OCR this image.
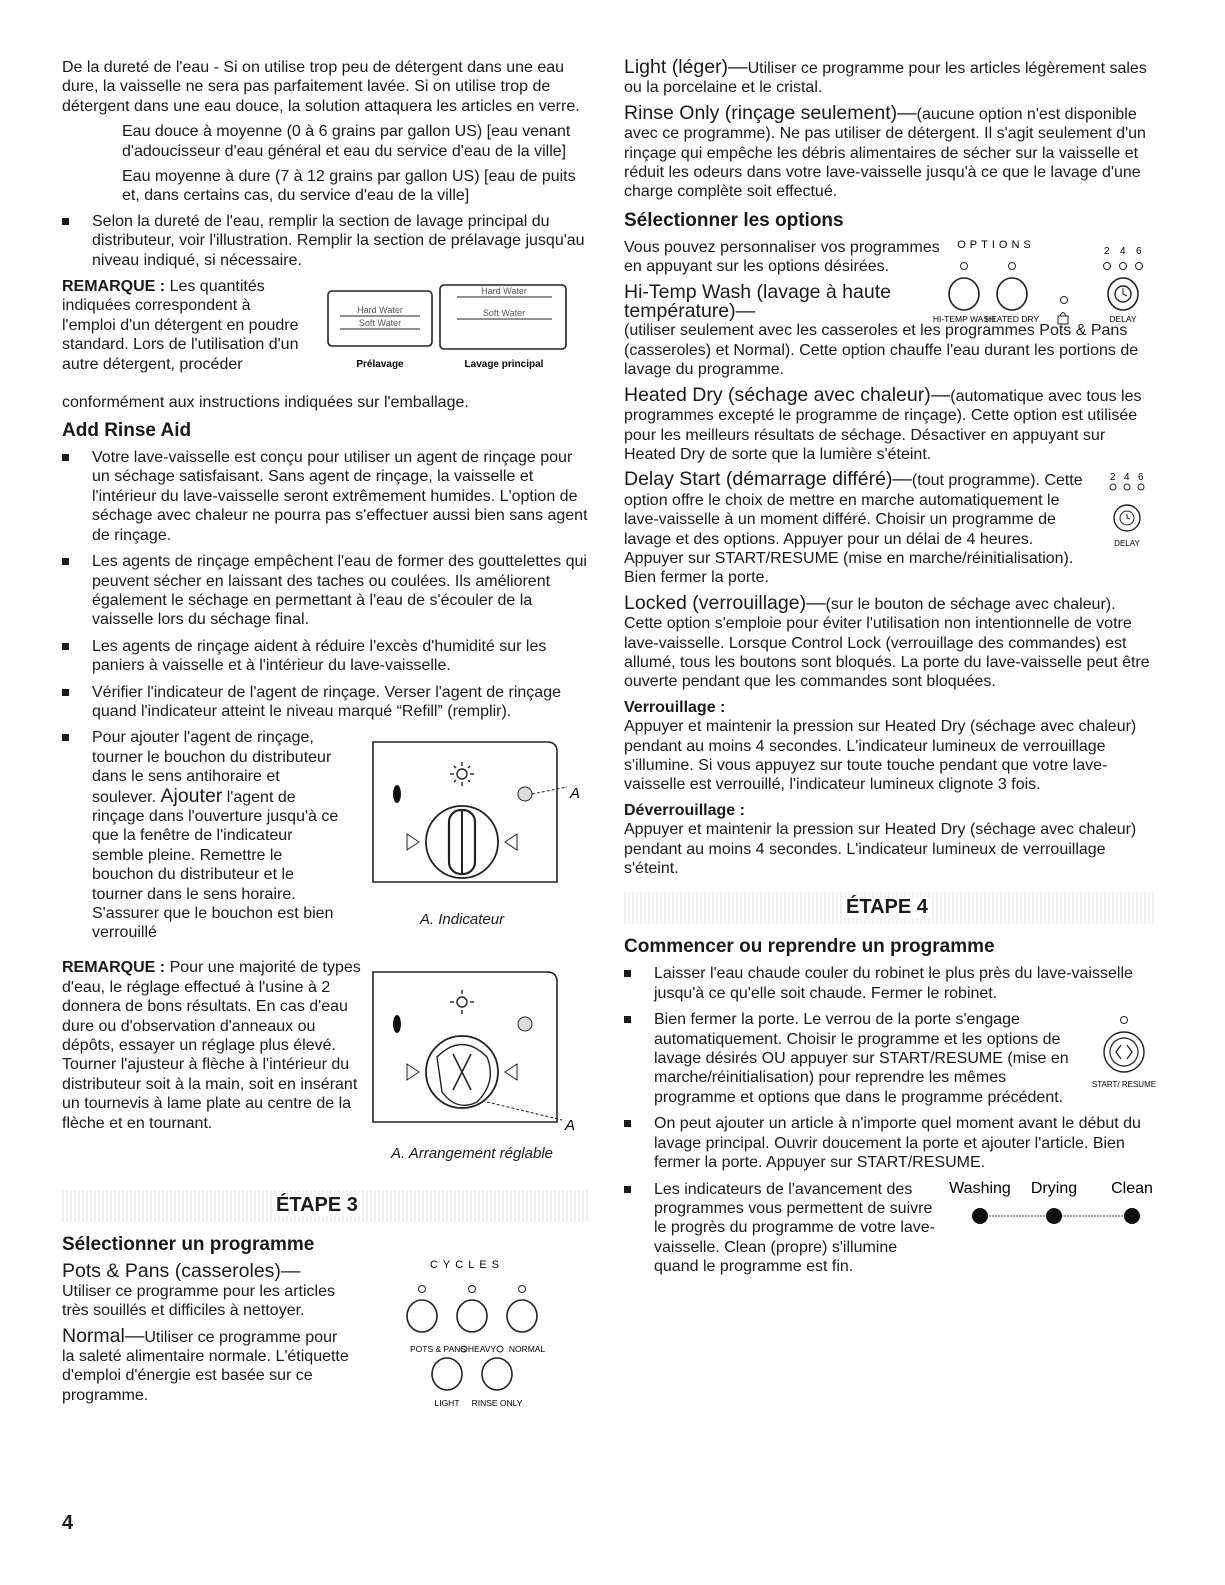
De la dureté de l'eau - Si on utilise trop peu de détergent dans une eau dure, la vaisselle ne sera pas parfaitement lavée. Si on utilise trop de détergent dans une eau douce, la solution attaquera les articles en verre.

Eau douce à moyenne (0 à 6 grains par gallon US) [eau venant d'adoucisseur d'eau général et eau du service d'eau de la ville]

Eau moyenne à dure (7 à 12 grains par gallon US) [eau de puits et, dans certains cas, du service d'eau de la ville]

Selon la dureté de l'eau, remplir la section de lavage principal du distributeur, voir l'illustration. Remplir la section de prélavage jusqu'au niveau indiqué, si nécessaire.

REMARQUE : Les quantités indiquées correspondent à l'emploi d'un détergent en poudre standard. Lors de l'utilisation d'un autre détergent, procéder
Hard Water
Soft Water
Hard Water
Soft Water
Prélavage	Lavage principal
conformément aux instructions indiquées sur l'emballage.
Add Rinse Aid

Votre lave-vaisselle est conçu pour utiliser un agent de rinçage pour un séchage satisfaisant. Sans agent de rinçage, la vaisselle et l'intérieur du lave-vaisselle seront extrêmement humides. L'option de séchage avec chaleur ne pourra pas s'effectuer aussi bien sans agent de rinçage.

Les agents de rinçage empêchent l'eau de former des gouttelettes qui peuvent sécher en laissant des taches ou coulées. Ils améliorent également le séchage en permettant à l'eau de s'écouler de la vaisselle lors du séchage final.

Les agents de rinçage aident à réduire l'excès d'humidité sur les paniers à vaisselle et à l'intérieur du lave-vaisselle.

Vérifier l'indicateur de l'agent de rinçage. Verser l'agent de rinçage quand l'indicateur atteint le niveau marqué “Refill” (remplir).

Pour ajouter l'agent de rinçage, tourner le bouchon du distributeur dans le sens antihoraire et soulever. Ajouter l'agent de rinçage dans l'ouverture jusqu'à ce que la fenêtre de l'indicateur semble pleine. Remettre le bouchon du distributeur et le tourner dans le sens horaire. S'assurer que le bouchon est bien verrouillé

A
A. Indicateur

REMARQUE : Pour une majorité de types d'eau, le réglage effectué à l'usine à 2 donnera de bons résultats. En cas d'eau dure ou d'observation d'anneaux ou dépôts, essayer un réglage plus élevé. Tourner l'ajusteur à flèche à l'intérieur du distributeur soit à la main, soit en insérant un tournevis à lame plate au centre de la flèche et en tournant.	A
A. Arrangement réglable
ÉTAPE 3
Sélectionner un programme
Pots & Pans (casseroles)—

Utiliser ce programme pour les articles très souillés et difficiles à nettoyer.

Normal—Utiliser ce programme pour la saleté alimentaire normale. L'étiquette d'emploi d'énergie est basée sur ce programme.

CYCLES
POTS & PANS HEAVY NORMAL
LIGHT RINSE ONLY

Light (léger)—Utiliser ce programme pour les articles légèrement sales ou la porcelaine et le cristal.

Rinse Only (rinçage seulement)—(aucune option n'est disponible avec ce programme). Ne pas utiliser de détergent. Il s'agit seulement d'un rinçage qui empêche les débris alimentaires de sécher sur la vaisselle et réduit les odeurs dans votre lave-vaisselle jusqu'à ce que le lavage d'une charge complète soit effectué.

Sélectionner les options

Vous pouvez personnaliser vos programmes en appuyant sur les options désirées.

Hi-Temp Wash (lavage à haute température)—
OPTIONS
2 4 6
HI-TEMP WASH
HEATED DRY	DELAY

(utiliser seulement avec les casseroles et les programmes Pots & Pans (casseroles) et Normal). Cette option chauffe l'eau durant les portions de lavage du programme.

Heated Dry (séchage avec chaleur)—(automatique avec tous les programmes excepté le programme de rinçage). Cette option est utilisée pour les meilleurs résultats de séchage. Désactiver en appuyant sur Heated Dry de sorte que la lumière s'éteint.

Delay Start (démarrage différé)—(tout programme). Cette option offre le choix de mettre en marche automatiquement le lave-vaisselle à un moment différé. Choisir un programme de lavage et des options. Appuyer pour un délai de 4 heures. Appuyer sur START/RESUME (mise en marche/réinitialisation). Bien fermer la porte.

2 4 6
DELAY

Locked (verrouillage)—(sur le bouton de séchage avec chaleur). Cette option s'emploie pour éviter l'utilisation non intentionnelle de votre lave-vaisselle. Lorsque Control Lock (verrouillage des commandes) est allumé, tous les boutons sont bloqués. La porte du lave-vaisselle peut être ouverte pendant que les commandes sont bloquées.

Verrouillage :

Appuyer et maintenir la pression sur Heated Dry (séchage avec chaleur) pendant au moins 4 secondes. L'indicateur lumineux de verrouillage s'illumine. Si vous appuyez sur toute touche pendant que votre lave-vaisselle est verrouillé, l'indicateur lumineux clignote 3 fois.

Déverrouillage :

Appuyer et maintenir la pression sur Heated Dry (séchage avec chaleur) pendant au moins 4 secondes. L'indicateur lumineux de verrouillage s'éteint.

ÉTAPE 4
Commencer ou reprendre un programme

Laisser l'eau chaude couler du robinet le plus près du lave-vaisselle jusqu'à ce qu'elle soit chaude. Fermer le robinet.

Bien fermer la porte. Le verrou de la porte s'engage automatiquement. Choisir le programme et les options de lavage désirés OU appuyer sur START/RESUME (mise en marche/réinitialisation) pour reprendre les mêmes programme et options que dans le programme précédent.

START/ RESUME

On peut ajouter un article à n'importe quel moment avant le début du lavage principal. Ouvrir doucement la porte et ajouter l'article. Bien fermer la porte. Appuyer sur START/RESUME.

Les indicateurs de l'avancement des programmes vous permettent de suivre le progrès du programme de votre lave-vaisselle. Clean (propre) s'illumine quand le programme est fin.

Washing Drying Clean
4
